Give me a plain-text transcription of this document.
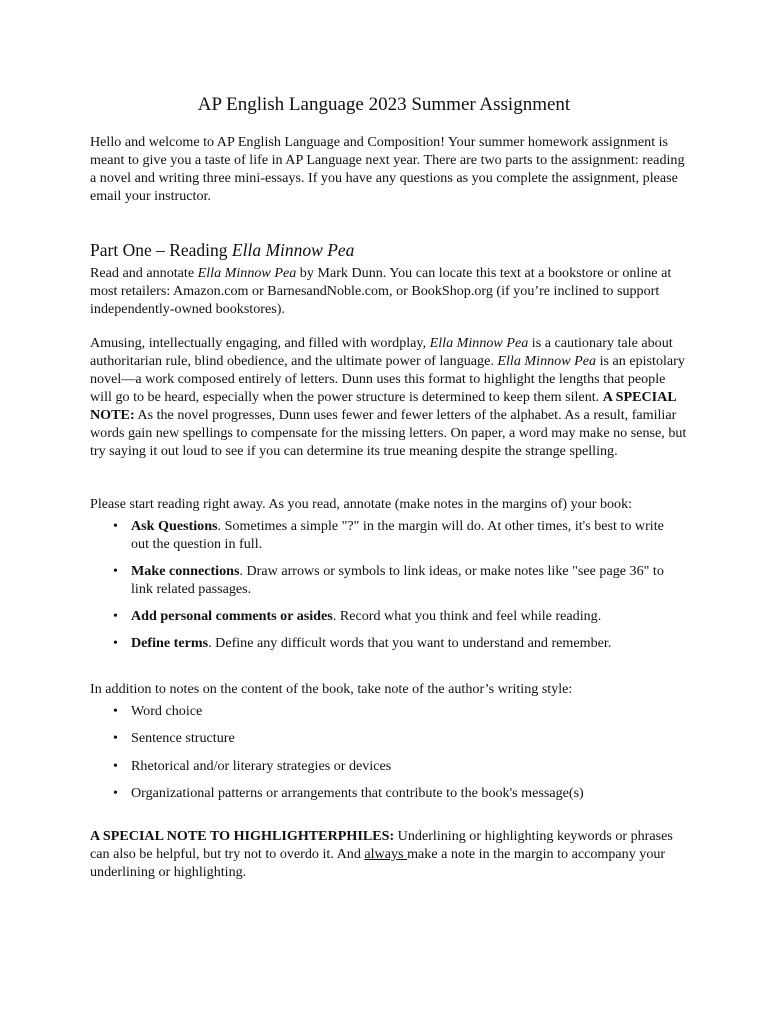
AP English Language 2023 Summer Assignment

Hello and welcome to AP English Language and Composition! Your summer homework assignment is meant to give you a taste of life in AP Language next year. There are two parts to the assignment: reading a novel and writing three mini-essays. If you have any questions as you complete the assignment, please email your instructor.

Part One – Reading Ella Minnow Pea

Read and annotate Ella Minnow Pea by Mark Dunn. You can locate this text at a bookstore or online at most retailers: Amazon.com or BarnesandNoble.com, or BookShop.org (if you’re inclined to support independently-owned bookstores).

Amusing, intellectually engaging, and filled with wordplay, Ella Minnow Pea is a cautionary tale about authoritarian rule, blind obedience, and the ultimate power of language. Ella Minnow Pea is an epistolary novel—a work composed entirely of letters. Dunn uses this format to highlight the lengths that people will go to be heard, especially when the power structure is determined to keep them silent. A SPECIAL NOTE: As the novel progresses, Dunn uses fewer and fewer letters of the alphabet. As a result, familiar words gain new spellings to compensate for the missing letters. On paper, a word may make no sense, but try saying it out loud to see if you can determine its true meaning despite the strange spelling.

Please start reading right away. As you read, annotate (make notes in the margins of) your book:

• Ask Questions. Sometimes a simple "?" in the margin will do. At other times, it's best to write out the question in full.
• Make connections. Draw arrows or symbols to link ideas, or make notes like "see page 36" to link related passages.
• Add personal comments or asides. Record what you think and feel while reading.
• Define terms. Define any difficult words that you want to understand and remember.

In addition to notes on the content of the book, take note of the author’s writing style:

• Word choice
• Sentence structure
• Rhetorical and/or literary strategies or devices
• Organizational patterns or arrangements that contribute to the book's message(s)

A SPECIAL NOTE TO HIGHLIGHTERPHILES: Underlining or highlighting keywords or phrases can also be helpful, but try not to overdo it. And always make a note in the margin to accompany your underlining or highlighting.
